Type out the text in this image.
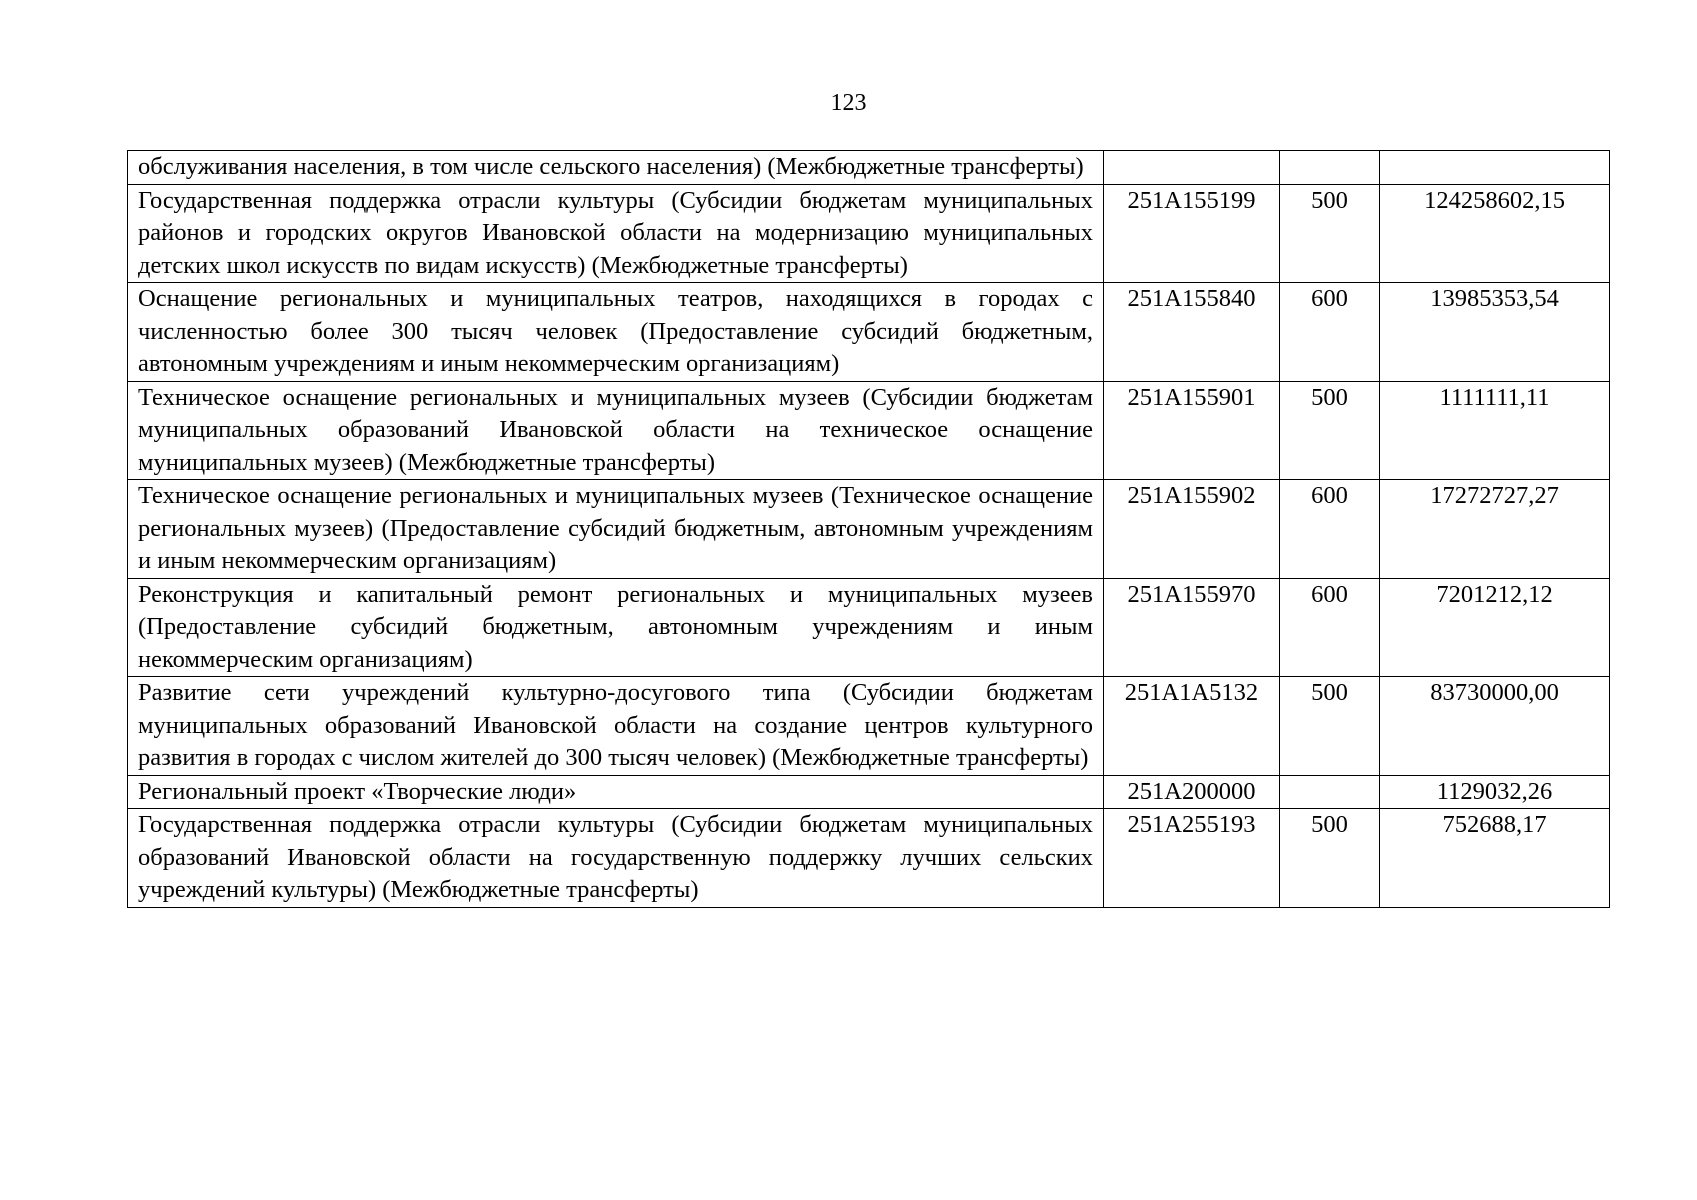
123
обслуживания населения, в том числе сельского населения) (Межбюджетные трансферты)			
Государственная поддержка отрасли культуры (Субсидии бюджетам муниципальных районов и городских округов Ивановской области на модернизацию муниципальных детских школ искусств по видам искусств) (Межбюджетные трансферты)	251А155199	500	124258602,15
Оснащение региональных и муниципальных театров, находящихся в городах с численностью более 300 тысяч человек (Предоставление субсидий бюджетным, автономным учреждениям и иным некоммерческим организациям)	251А155840	600	13985353,54
Техническое оснащение региональных и муниципальных музеев (Субсидии бюджетам муниципальных образований Ивановской области на техническое оснащение муниципальных музеев) (Межбюджетные трансферты)	251А155901	500	1111111,11
Техническое оснащение региональных и муниципальных музеев (Техническое оснащение региональных музеев) (Предоставление субсидий бюджетным, автономным учреждениям и иным некоммерческим организациям)	251А155902	600	17272727,27
Реконструкция и капитальный ремонт региональных и муниципальных музеев (Предоставление субсидий бюджетным, автономным учреждениям и иным некоммерческим организациям)	251А155970	600	7201212,12
Развитие сети учреждений культурно-досугового типа (Субсидии бюджетам муниципальных образований Ивановской области на создание центров культурного развития в городах с числом жителей до 300 тысяч человек) (Межбюджетные трансферты)	251А1А5132	500	83730000,00
Региональный проект «Творческие люди»	251А200000		1129032,26
Государственная поддержка отрасли культуры (Субсидии бюджетам муниципальных образований Ивановской области на государственную поддержку лучших сельских учреждений культуры) (Межбюджетные трансферты)	251А255193	500	752688,17
